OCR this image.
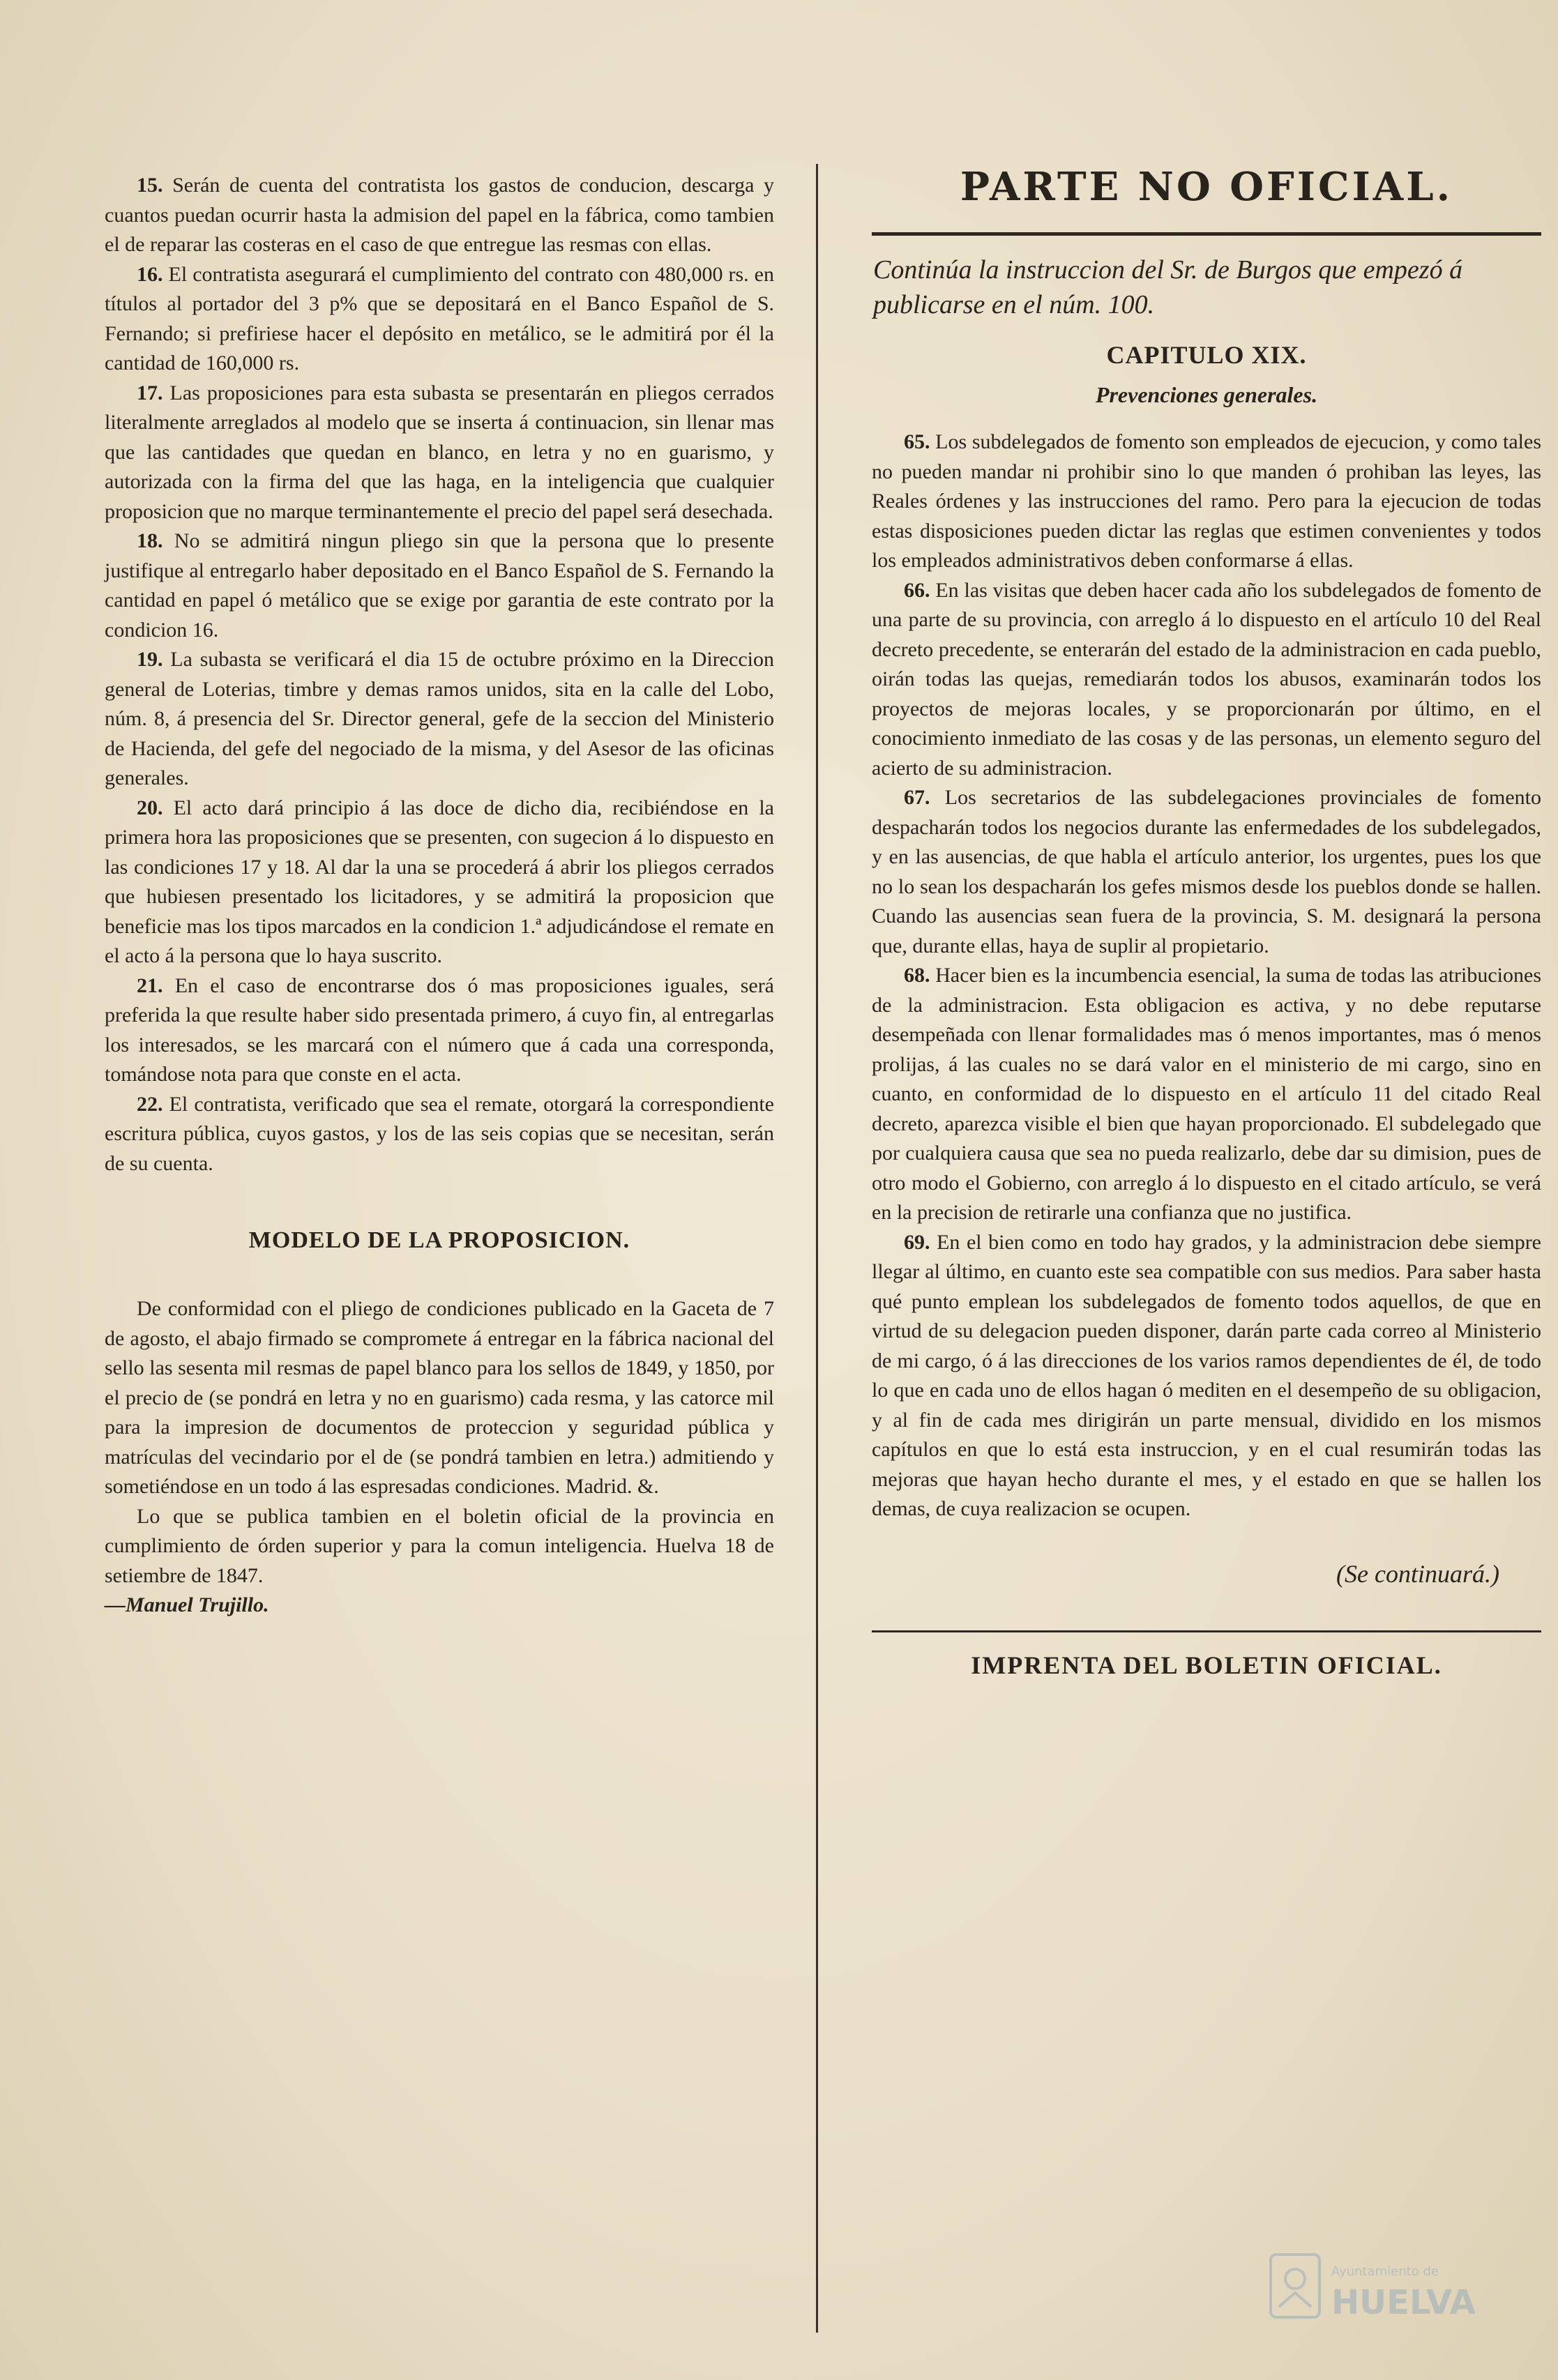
15. Serán de cuenta del contratista los gastos de conducion, descarga y cuantos puedan ocurrir hasta la admision del papel en la fábrica, como tambien el de reparar las costeras en el caso de que entregue las resmas con ellas.

16. El contratista asegurará el cumplimiento del contrato con 480,000 rs. en títulos al portador del 3 p% que se depositará en el Banco Español de S. Fernando; si prefiriese hacer el depósito en metálico, se le admitirá por él la cantidad de 160,000 rs.

17. Las proposiciones para esta subasta se presentarán en pliegos cerrados literalmente arreglados al modelo que se inserta á continuacion, sin llenar mas que las cantidades que quedan en blanco, en letra y no en guarismo, y autorizada con la firma del que las haga, en la inteligencia que cualquier proposicion que no marque terminantemente el precio del papel será desechada.

18. No se admitirá ningun pliego sin que la persona que lo presente justifique al entregarlo haber depositado en el Banco Español de S. Fernando la cantidad en papel ó metálico que se exige por garantia de este contrato por la condicion 16.

19. La subasta se verificará el dia 15 de octubre próximo en la Direccion general de Loterias, timbre y demas ramos unidos, sita en la calle del Lobo, núm. 8, á presencia del Sr. Director general, gefe de la seccion del Ministerio de Hacienda, del gefe del negociado de la misma, y del Asesor de las oficinas generales.

20. El acto dará principio á las doce de dicho dia, recibiéndose en la primera hora las proposiciones que se presenten, con sugecion á lo dispuesto en las condiciones 17 y 18. Al dar la una se procederá á abrir los pliegos cerrados que hubiesen presentado los licitadores, y se admitirá la proposicion que beneficie mas los tipos marcados en la condicion 1.ª adjudicándose el remate en el acto á la persona que lo haya suscrito.

21. En el caso de encontrarse dos ó mas proposiciones iguales, será preferida la que resulte haber sido presentada primero, á cuyo fin, al entregarlas los interesados, se les marcará con el número que á cada una corresponda, tomándose nota para que conste en el acta.

22. El contratista, verificado que sea el remate, otorgará la correspondiente escritura pública, cuyos gastos, y los de las seis copias que se necesitan, serán de su cuenta.

MODELO DE LA PROPOSICION.

De conformidad con el pliego de condiciones publicado en la Gaceta de 7 de agosto, el abajo firmado se compromete á entregar en la fábrica nacional del sello las sesenta mil resmas de papel blanco para los sellos de 1849, y 1850, por el precio de (se pondrá en letra y no en guarismo) cada resma, y las catorce mil para la impresion de documentos de proteccion y seguridad pública y matrículas del vecindario por el de (se pondrá tambien en letra.) admitiendo y sometiéndose en un todo á las espresadas condiciones. Madrid. &.

Lo que se publica tambien en el boletin oficial de la provincia en cumplimiento de órden superior y para la comun inteligencia. Huelva 18 de setiembre de 1847.

—Manuel Trujillo.
PARTE NO OFICIAL.
Continúa la instruccion del Sr. de Burgos que empezó á publicarse en el núm. 100.
CAPITULO XIX.
Prevenciones generales.

65. Los subdelegados de fomento son empleados de ejecucion, y como tales no pueden mandar ni prohibir sino lo que manden ó prohiban las leyes, las Reales órdenes y las instrucciones del ramo. Pero para la ejecucion de todas estas disposiciones pueden dictar las reglas que estimen convenientes y todos los empleados administrativos deben conformarse á ellas.

66. En las visitas que deben hacer cada año los subdelegados de fomento de una parte de su provincia, con arreglo á lo dispuesto en el artículo 10 del Real decreto precedente, se enterarán del estado de la administracion en cada pueblo, oirán todas las quejas, remediarán todos los abusos, examinarán todos los proyectos de mejoras locales, y se proporcionarán por último, en el conocimiento inmediato de las cosas y de las personas, un elemento seguro del acierto de su administracion.

67. Los secretarios de las subdelegaciones provinciales de fomento despacharán todos los negocios durante las enfermedades de los subdelegados, y en las ausencias, de que habla el artículo anterior, los urgentes, pues los que no lo sean los despacharán los gefes mismos desde los pueblos donde se hallen. Cuando las ausencias sean fuera de la provincia, S. M. designará la persona que, durante ellas, haya de suplir al propietario.

68. Hacer bien es la incumbencia esencial, la suma de todas las atribuciones de la administracion. Esta obligacion es activa, y no debe reputarse desempeñada con llenar formalidades mas ó menos importantes, mas ó menos prolijas, á las cuales no se dará valor en el ministerio de mi cargo, sino en cuanto, en conformidad de lo dispuesto en el artículo 11 del citado Real decreto, aparezca visible el bien que hayan proporcionado. El subdelegado que por cualquiera causa que sea no pueda realizarlo, debe dar su dimision, pues de otro modo el Gobierno, con arreglo á lo dispuesto en el citado artículo, se verá en la precision de retirarle una confianza que no justifica.

69. En el bien como en todo hay grados, y la administracion debe siempre llegar al último, en cuanto este sea compatible con sus medios. Para saber hasta qué punto emplean los subdelegados de fomento todos aquellos, de que en virtud de su delegacion pueden disponer, darán parte cada correo al Ministerio de mi cargo, ó á las direcciones de los varios ramos dependientes de él, de todo lo que en cada uno de ellos hagan ó mediten en el desempeño de su obligacion, y al fin de cada mes dirigirán un parte mensual, dividido en los mismos capítulos en que lo está esta instruccion, y en el cual resumirán todas las mejoras que hayan hecho durante el mes, y el estado en que se hallen los demas, de cuya realizacion se ocupen.

(Se continuará.)
IMPRENTA DEL BOLETIN OFICIAL.
Ayuntamiento de
HUELVA
